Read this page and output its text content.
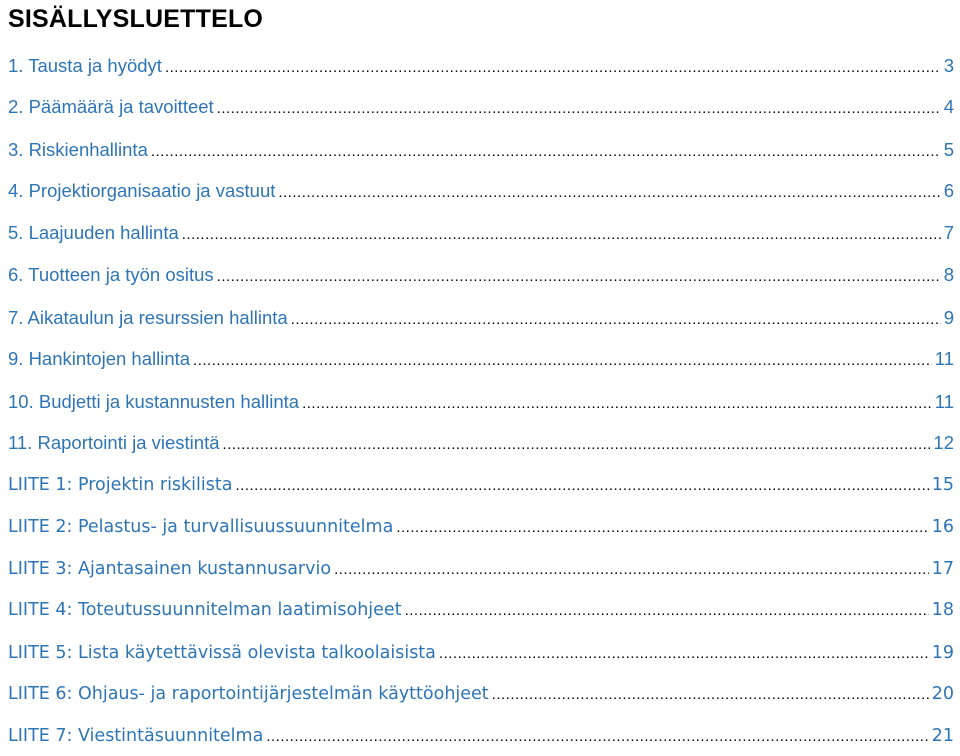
SISÄLLYSLUETTELO
1. Tausta ja hyödyt .....	3
2. Päämäärä ja tavoitteet .....	4
3. Riskienhallinta .....	5
4. Projektiorganisaatio ja vastuut .....	6
5. Laajuuden hallinta .....	7
6. Tuotteen ja työn ositus .....	8
7. Aikataulun ja resurssien hallinta .....	9
9. Hankintojen hallinta .....	11
10. Budjetti ja kustannusten hallinta .....	11
11. Raportointi ja viestintä .....	12
LIITE 1: Projektin riskilista .....	15
LIITE 2: Pelastus- ja turvallisuussuunnitelma .....	16
LIITE 3: Ajantasainen kustannusarvio .....	17
LIITE 4: Toteutussuunnitelman laatimisohjeet .....	18
LIITE 5: Lista käytettävissä olevista talkoolaisista .....	19
LIITE 6: Ohjaus- ja raportointijärjestelmän käyttöohjeet .....	20
LIITE 7: Viestintäsuunnitelma .....	21
